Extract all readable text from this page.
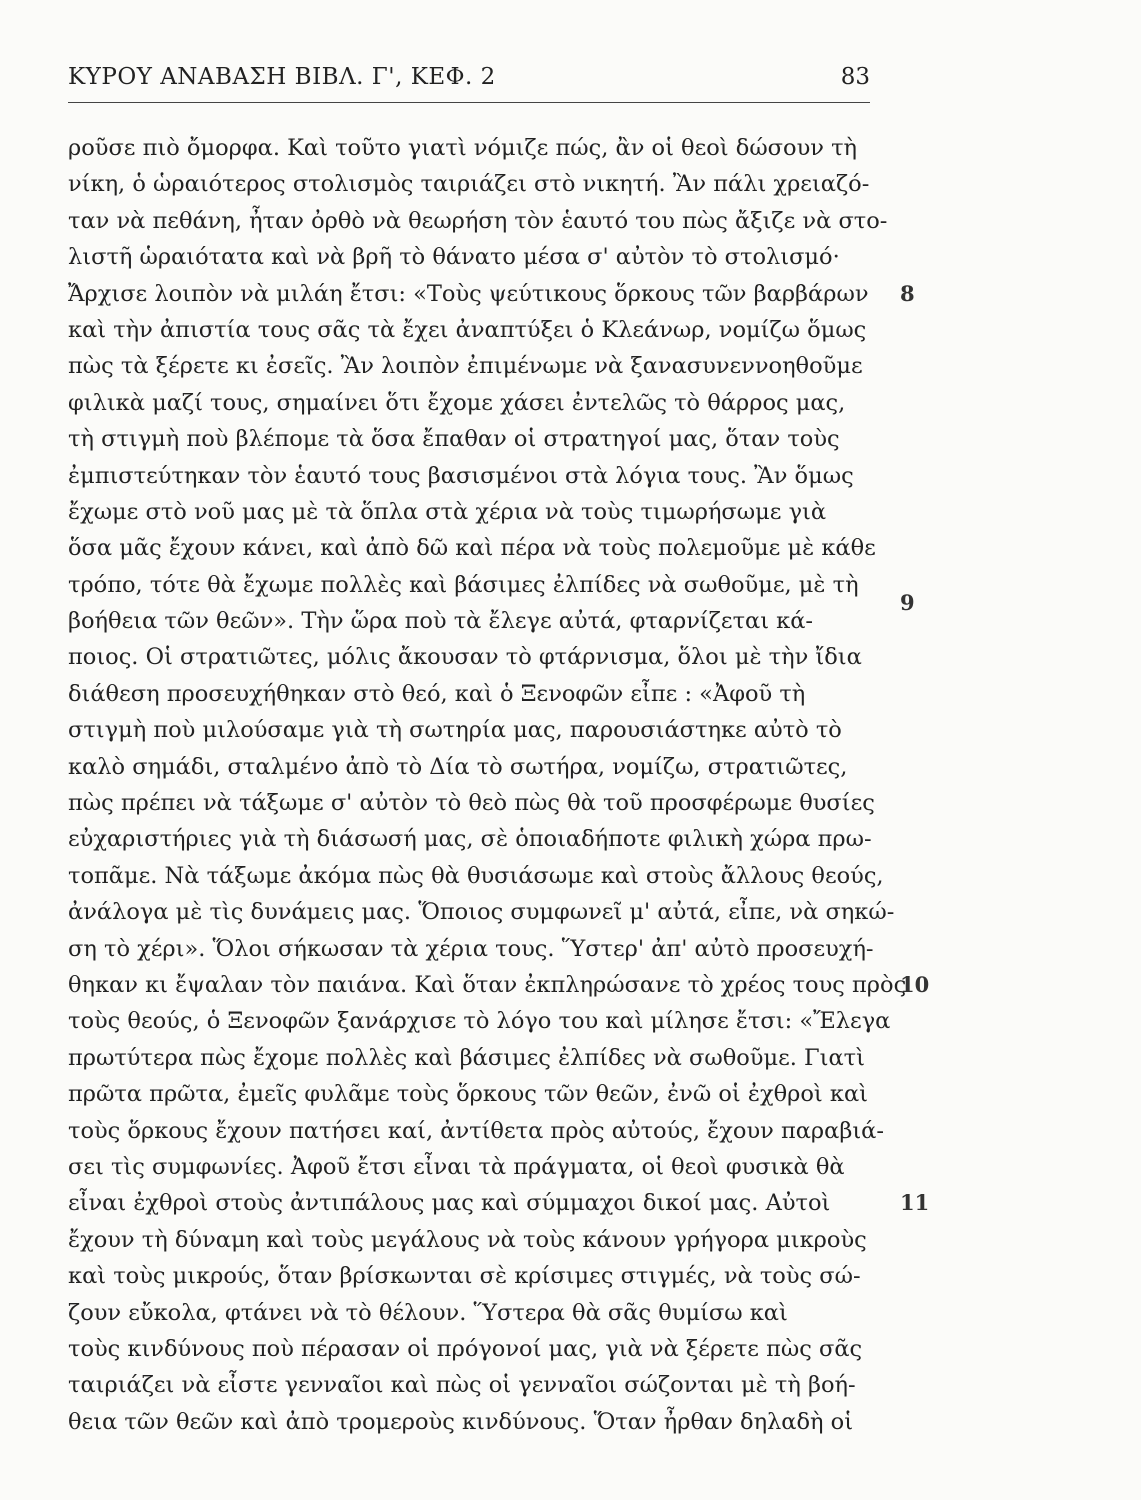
ΚΥΡΟΥ ΑΝΑΒΑΣΗ ΒΙΒΛ. Γ', ΚΕΦ. 2	83
ροῦσε πιὸ ὄμορφα. Καὶ τοῦτο γιατὶ νόμιζε πώς, ἂν οἱ θεοὶ δώσουν τὴ
νίκη, ὁ ὡραιότερος στολισμὸς ταιριάζει στὸ νικητή. Ἂν πάλι χρειαζό-
ταν νὰ πεθάνη, ἦταν ὀρθὸ νὰ θεωρήση τὸν ἑαυτό του πὼς ἄξιζε νὰ στο-
λιστῆ ὡραιότατα καὶ νὰ βρῆ τὸ θάνατο μέσα σ' αὐτὸν τὸ στολισμό·
Ἄρχισε λοιπὸν νὰ μιλάη ἔτσι: «Τοὺς ψεύτικους ὅρκους τῶν βαρβάρων
καὶ τὴν ἀπιστία τους σᾶς τὰ ἔχει ἀναπτύξει ὁ Κλεάνωρ, νομίζω ὅμως
πὼς τὰ ξέρετε κι ἐσεῖς. Ἂν λοιπὸν ἐπιμένωμε νὰ ξανασυνεννοηθοῦμε
φιλικὰ μαζί τους, σημαίνει ὅτι ἔχομε χάσει ἐντελῶς τὸ θάρρος μας,
τὴ στιγμὴ ποὺ βλέπομε τὰ ὅσα ἔπαθαν οἱ στρατηγοί μας, ὅταν τοὺς
ἐμπιστεύτηκαν τὸν ἑαυτό τους βασισμένοι στὰ λόγια τους. Ἂν ὅμως
ἔχωμε στὸ νοῦ μας μὲ τὰ ὅπλα στὰ χέρια νὰ τοὺς τιμωρήσωμε γιὰ
ὅσα μᾶς ἔχουν κάνει, καὶ ἀπὸ δῶ καὶ πέρα νὰ τοὺς πολεμοῦμε μὲ κάθε
τρόπο, τότε θὰ ἔχωμε πολλὲς καὶ βάσιμες ἐλπίδες νὰ σωθοῦμε, μὲ τὴ
βοήθεια τῶν θεῶν». Τὴν ὥρα ποὺ τὰ ἔλεγε αὐτά, φταρνίζεται κά-
ποιος. Οἱ στρατιῶτες, μόλις ἄκουσαν τὸ φτάρνισμα, ὅλοι μὲ τὴν ἴδια
διάθεση προσευχήθηκαν στὸ θεό, καὶ ὁ Ξενοφῶν εἶπε : «Ἀφοῦ τὴ
στιγμὴ ποὺ μιλούσαμε γιὰ τὴ σωτηρία μας, παρουσιάστηκε αὐτὸ τὸ
καλὸ σημάδι, σταλμένο ἀπὸ τὸ Δία τὸ σωτήρα, νομίζω, στρατιῶτες,
πὼς πρέπει νὰ τάξωμε σ' αὐτὸν τὸ θεὸ πὼς θὰ τοῦ προσφέρωμε θυσίες
εὐχαριστήριες γιὰ τὴ διάσωσή μας, σὲ ὁποιαδήποτε φιλικὴ χώρα πρω-
τοπᾶμε. Νὰ τάξωμε ἀκόμα πὼς θὰ θυσιάσωμε καὶ στοὺς ἄλλους θεούς,
ἀνάλογα μὲ τὶς δυνάμεις μας. Ὅποιος συμφωνεῖ μ' αὐτά, εἶπε, νὰ σηκώ-
ση τὸ χέρι». Ὅλοι σήκωσαν τὰ χέρια τους. Ὕστερ' ἀπ' αὐτὸ προσευχή-
θηκαν κι ἔψαλαν τὸν παιάνα. Καὶ ὅταν ἐκπληρώσανε τὸ χρέος τους πρὸς
τοὺς θεούς, ὁ Ξενοφῶν ξανάρχισε τὸ λόγο του καὶ μίλησε ἔτσι: «Ἔλεγα
πρωτύτερα πὼς ἔχομε πολλὲς καὶ βάσιμες ἐλπίδες νὰ σωθοῦμε. Γιατὶ
πρῶτα πρῶτα, ἐμεῖς φυλᾶμε τοὺς ὅρκους τῶν θεῶν, ἐνῶ οἱ ἐχθροὶ καὶ
τοὺς ὅρκους ἔχουν πατήσει καί, ἀντίθετα πρὸς αὐτούς, ἔχουν παραβιά-
σει τὶς συμφωνίες. Ἀφοῦ ἔτσι εἶναι τὰ πράγματα, οἱ θεοὶ φυσικὰ θὰ
εἶναι ἐχθροὶ στοὺς ἀντιπάλους μας καὶ σύμμαχοι δικοί μας. Αὐτοὶ
ἔχουν τὴ δύναμη καὶ τοὺς μεγάλους νὰ τοὺς κάνουν γρήγορα μικροὺς
καὶ τοὺς μικρούς, ὅταν βρίσκωνται σὲ κρίσιμες στιγμές, νὰ τοὺς σώ-
ζουν εὔκολα, φτάνει νὰ τὸ θέλουν. Ὕστερα θὰ σᾶς θυμίσω καὶ
τοὺς κινδύνους ποὺ πέρασαν οἱ πρόγονοί μας, γιὰ νὰ ξέρετε πὼς σᾶς
ταιριάζει νὰ εἶστε γενναῖοι καὶ πὼς οἱ γενναῖοι σώζονται μὲ τὴ βοή-
θεια τῶν θεῶν καὶ ἀπὸ τρομεροὺς κινδύνους. Ὅταν ἦρθαν δηλαδὴ οἱ
8
9
10
11
